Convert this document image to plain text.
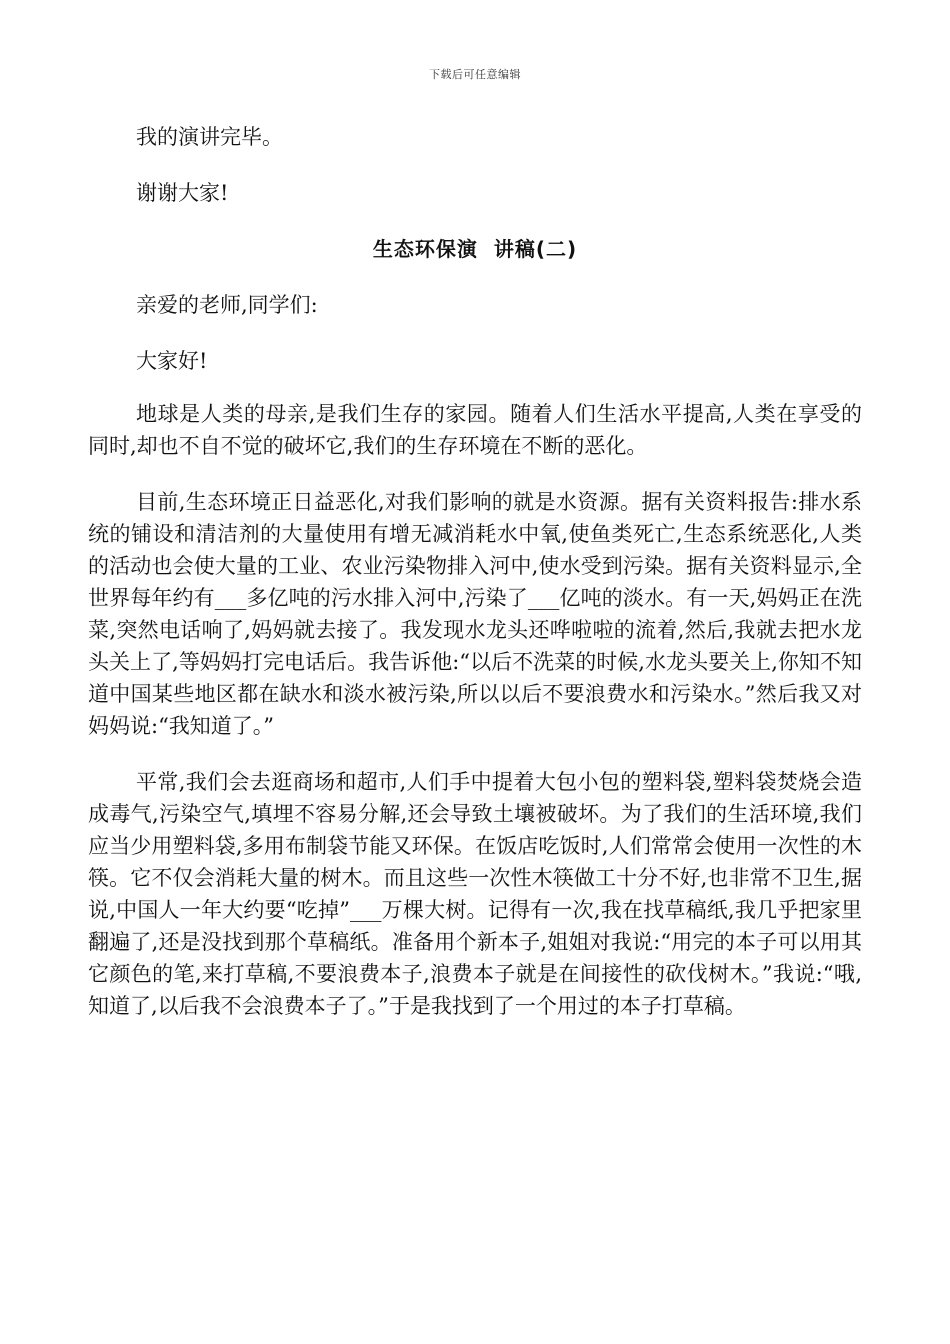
下载后可任意编辑

我的演讲完毕。

谢谢大家!

生态环保演  讲稿(二)

亲爱的老师,同学们:

大家好!

地球是人类的母亲,是我们生存的家园。随着人们生活水平提高,人类在享受的同时,却也不自不觉的破坏它,我们的生存环境在不断的恶化。

目前,生态环境正日益恶化,对我们影响的就是水资源。据有关资料报告:排水系统的铺设和清洁剂的大量使用有增无减消耗水中氧,使鱼类死亡,生态系统恶化,人类的活动也会使大量的工业、农业污染物排入河中,使水受到污染。据有关资料显示,全世界每年约有___多亿吨的污水排入河中,污染了___亿吨的淡水。有一天,妈妈正在洗菜,突然电话响了,妈妈就去接了。我发现水龙头还哗啦啦的流着,然后,我就去把水龙头关上了,等妈妈打完电话后。我告诉他:“以后不洗菜的时候,水龙头要关上,你知不知道中国某些地区都在缺水和淡水被污染,所以以后不要浪费水和污染水。”然后我又对妈妈说:“我知道了。”

平常,我们会去逛商场和超市,人们手中提着大包小包的塑料袋,塑料袋焚烧会造成毒气,污染空气,填埋不容易分解,还会导致土壤被破坏。为了我们的生活环境,我们应当少用塑料袋,多用布制袋节能又环保。在饭店吃饭时,人们常常会使用一次性的木筷。它不仅会消耗大量的树木。而且这些一次性木筷做工十分不好,也非常不卫生,据说,中国人一年大约要“吃掉”___万棵大树。记得有一次,我在找草稿纸,我几乎把家里翻遍了,还是没找到那个草稿纸。准备用个新本子,姐姐对我说:“用完的本子可以用其它颜色的笔,来打草稿,不要浪费本子,浪费本子就是在间接性的砍伐树木。”我说:“哦,知道了,以后我不会浪费本子了。”于是我找到了一个用过的本子打草稿。
